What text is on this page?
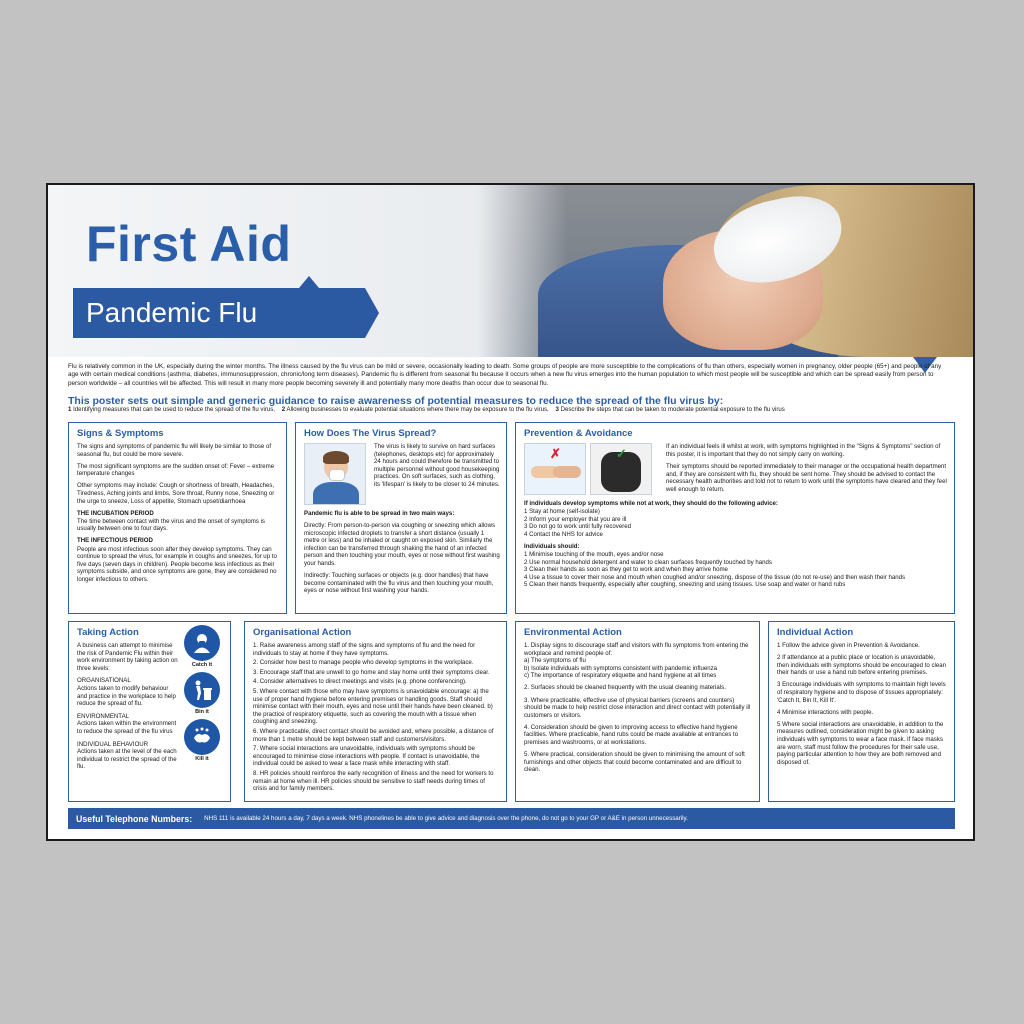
First Aid
Pandemic Flu
Flu is relatively common in the UK, especially during the winter months. The illness caused by the flu virus can be mild or severe, occasionally leading to death. Some groups of people are more susceptible to the complications of flu than others, especially women in pregnancy, older people (65+) and people of any age with certain medical conditions (asthma, diabetes, immunosuppression, chronic/long term diseases). Pandemic flu is different from seasonal flu because it occurs when a new flu virus emerges into the human population to which most people will be susceptible and which can be spread easily from person to person worldwide – all countries will be affected. This will result in many more people becoming severely ill and potentially many more deaths than occur due to seasonal flu.
This poster sets out simple and generic guidance to raise awareness of potential measures to reduce the spread of the flu virus by:
1 Identifying measures that can be used to reduce the spread of the flu virus, 2 Allowing businesses to evaluate potential situations where there may be exposure to the flu virus, 3 Describe the steps that can be taken to moderate potential exposure to the flu virus
Signs & Symptoms

The signs and symptoms of pandemic flu will likely be similar to those of seasonal flu, but could be more severe.

The most significant symptoms are the sudden onset of: Fever – extreme temperature changes

Other symptoms may include: Cough or shortness of breath, Headaches, Tiredness, Aching joints and limbs, Sore throat, Runny nose, Sneezing or the urge to sneeze, Loss of appetite, Stomach upset/diarrhoea

THE INCUBATION PERIOD

The time between contact with the virus and the onset of symptoms is usually between one to four days.

THE INFECTIOUS PERIOD

People are most infectious soon after they develop symptoms. They can continue to spread the virus, for example in coughs and sneezes, for up to five days (seven days in children). People become less infectious as their symptoms subside, and once symptoms are gone, they are considered no longer infectious to others.

How Does The Virus Spread?
The virus is likely to survive on hard surfaces (telephones, desktops etc) for approximately 24 hours and could therefore be transmitted to multiple personnel without good housekeeping practices. On soft surfaces, such as clothing, its 'lifespan' is likely to be closer to 24 minutes.

Pandemic flu is able to be spread in two main ways:

Directly: From person-to-person via coughing or sneezing which allows microscopic infected droplets to transfer a short distance (usually 1 metre or less) and be inhaled or caught on exposed skin. Similarly the infection can be transferred through shaking the hand of an infected person and then touching your mouth, eyes or nose without first washing your hands.

Indirectly: Touching surfaces or objects (e.g. door handles) that have become contaminated with the flu virus and then touching your mouth, eyes or nose without first washing your hands.

Prevention & Avoidance
✗	✓	If an individual feels ill whilst at work, with symptoms highlighted in the "Signs & Symptoms" section of this poster, it is important that they do not simply carry on working.

Their symptoms should be reported immediately to their manager or the occupational health department and, if they are consistent with flu, they should be sent home. They should be advised to contact the necessary health authorities and told not to return to work until the symptoms have cleared and they feel well enough to return.

If individuals develop symptoms while not at work, they should do the following advice:

1 Stay at home (self-isolate)
2 Inform your employer that you are ill
3 Do not go to work until fully recovered
4 Contact the NHS for advice

Individuals should:

1 Minimise touching of the mouth, eyes and/or nose
2 Use normal household detergent and water to clean surfaces frequently touched by hands
3 Clean their hands as soon as they get to work and when they arrive home
4 Use a tissue to cover their nose and mouth when coughed and/or sneezing, dispose of the tissue (do not re-use) and then wash their hands
5 Clean their hands frequently, especially after coughing, sneezing and using tissues. Use soap and water or hand rubs

Taking Action

A business can attempt to minimise the risk of Pandemic Flu within their work environment by taking action on three levels:

ORGANISATIONAL

Actions taken to modify behaviour and practice in the workplace to help reduce the spread of flu.

ENVIRONMENTAL

Actions taken within the environment to reduce the spread of the flu virus

INDIVIDUAL BEHAVIOUR

Actions taken at the level of the each individual to restrict the spread of the flu.

Catch it
Bin it
Kill it
Organisational Action

1. Raise awareness among staff of the signs and symptoms of flu and the need for individuals to stay at home if they have symptoms.

2. Consider how best to manage people who develop symptoms in the workplace.

3. Encourage staff that are unwell to go home and stay home until their symptoms clear.

4. Consider alternatives to direct meetings and visits (e.g. phone conferencing).

5. Where contact with those who may have symptoms is unavoidable encourage: a) the use of proper hand hygiene before entering premises or handling goods. Staff should minimise contact with their mouth, eyes and nose until their hands have been cleaned. b) the practice of respiratory etiquette, such as covering the mouth with a tissue when coughing and sneezing.

6. Where practicable, direct contact should be avoided and, where possible, a distance of more than 1 metre should be kept between staff and customers/visitors.

7. Where social interactions are unavoidable, individuals with symptoms should be encouraged to minimise close interactions with people. If contact is unavoidable, the individual could be asked to wear a face mask while interacting with staff.

8. HR policies should reinforce the early recognition of illness and the need for workers to remain at home when ill. HR policies should be sensitive to staff needs during times of crisis and for family members.

Environmental Action

1. Display signs to discourage staff and visitors with flu symptoms from entering the workplace and remind people of:

a) The symptoms of flu
b) Isolate individuals with symptoms consistent with pandemic influenza
c) The importance of respiratory etiquette and hand hygiene at all times

2. Surfaces should be cleaned frequently with the usual cleaning materials.

3. Where practicable, effective use of physical barriers (screens and counters) should be made to help restrict close interaction and direct contact with potentially ill customers or visitors.

4. Consideration should be given to improving access to effective hand hygiene facilities. Where practicable, hand rubs could be made available at entrances to premises and washrooms, or at workstations.

5. Where practical, consideration should be given to minimising the amount of soft furnishings and other objects that could become contaminated and are difficult to clean.

Individual Action

1 Follow the advice given in Prevention & Avoidance.

2 If attendance at a public place or location is unavoidable, then individuals with symptoms should be encouraged to clean their hands or use a hand rub before entering premises.

3 Encourage individuals with symptoms to maintain high levels of respiratory hygiene and to dispose of tissues appropriately: 'Catch It, Bin It, Kill It'.

4 Minimise interactions with people.

5 Where social interactions are unavoidable, in addition to the measures outlined, consideration might be given to asking individuals with symptoms to wear a face mask. If face masks are worn, staff must follow the procedures for their safe use, paying particular attention to how they are both removed and disposed of.

Useful Telephone Numbers: NHS 111 is available 24 hours a day, 7 days a week. NHS phonelines be able to give advice and diagnosis over the phone, do not go to your GP or A&E in person unnecessarily.
